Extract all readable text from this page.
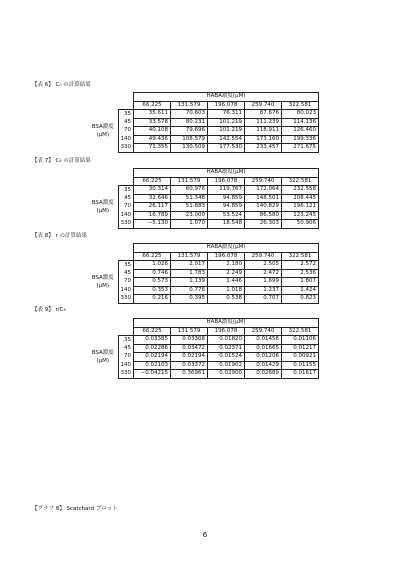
【表 6】 C₀ の計算結果
		HABA濃度(μM)				
		66.225	131.579	196.078	259.740	322.581
BSA濃度
(μM)	35	35.611	70.603	76.311	87.676	80.023
	45	33.578	80.231	101.219	111.239	114.136
	70	40.108	79.696	101.219	118.911	126.460
	140	49.436	108.579	142.554	173.160	199.336
	330	71.355	130.509	177.530	233.457	271.675
【表 7】 C₆ の計算結果
		HABA濃度(μM)				
		66.225	131.579	196.078	259.740	322.581
BSA濃度
(μM)	35	30.314	60.976	119.767	172.064	232.558
	45	32.646	51.348	94.859	148.501	208.445
	70	26.117	51.883	94.859	140.829	196.121
	140	16.789	23.000	53.524	86.580	123.245
	330	−5.130	1.070	18.548	26.303	50.906
【表 8】 r の計算結果
		HABA濃度(μM)				
		66.225	131.579	196.078	259.740	322.581
BSA濃度
(μM)	35	1.026	2.017	2.180	2.505	2.572
	45	0.746	1.783	2.249	2.472	2.536
	70	0.573	1.139	1.446	1.699	1.807
	140	0.353	0.776	1.018	1.237	1.424
	330	0.216	0.395	0.538	0.707	0.823
【表 9】 r/C₆
		HABA濃度(μM)				
		66.225	131.579	196.078	259.740	322.581
BSA濃度
(μM)	35	0.03385	0.03308	0.01820	0.01456	0.01106
	45	0.02286	0.03472	0.02371	0.01665	0.01217
	70	0.02194	0.02194	0.01524	0.01206	0.00921
	140	0.02103	0.03372	0.01902	0.01429	0.01155
	330	−0.04215	0.36961	0.02900	0.02689	0.01617
【グラフ 8】 Scatchard プロット
6
